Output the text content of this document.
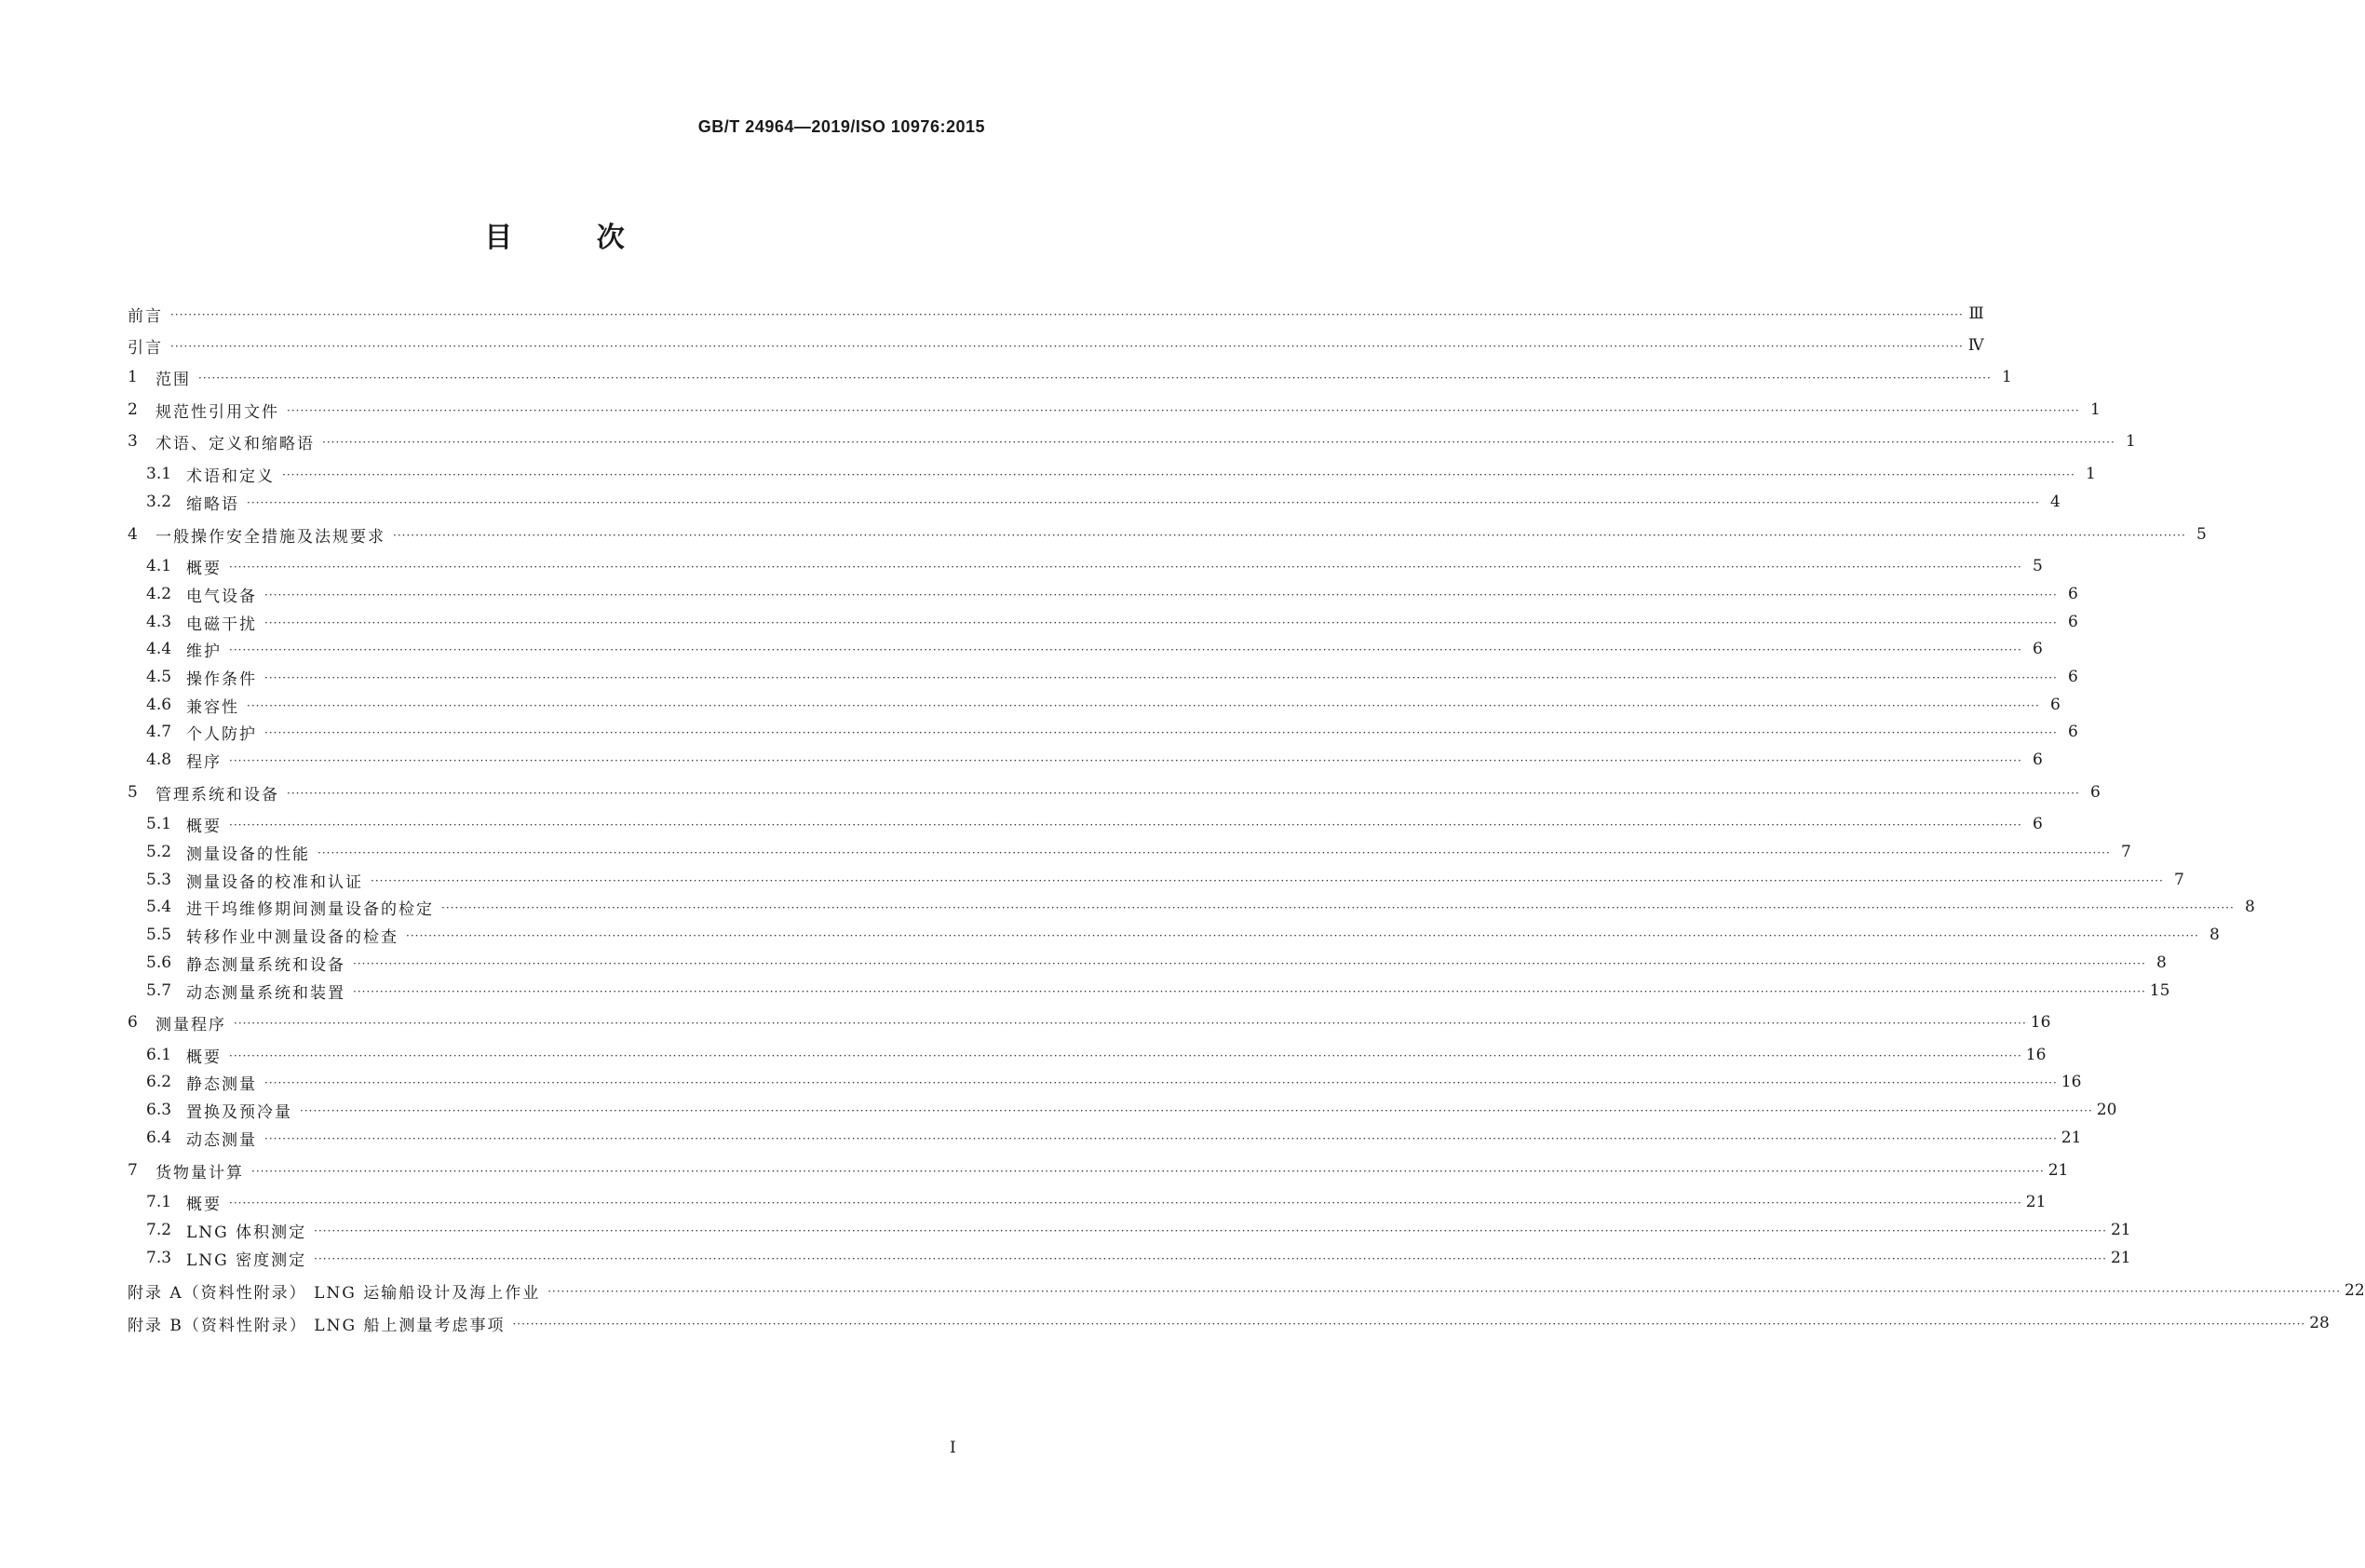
GB/T 24964—2019/ISO 10976:2015
目 次
前言 ················································································································································································································································································································································································································ Ⅲ
引言 ················································································································································································································································································································································································································ Ⅳ
1	范围 ················································································································································································································································································································································································································ 1
2	规范性引用文件 ················································································································································································································································································································································································································ 1
3	术语、定义和缩略语 ················································································································································································································································································································································································································ 1
3.1 术语和定义 ················································································································································································································································································································································································································ 1
3.2 缩略语 ················································································································································································································································································································································································································ 4
4	一般操作安全措施及法规要求 ················································································································································································································································································································································································································ 5
4.1 概要 ················································································································································································································································································································································································································ 5
4.2 电气设备 ················································································································································································································································································································································································································ 6
4.3 电磁干扰 ················································································································································································································································································································································································································ 6
4.4 维护 ················································································································································································································································································································································································································ 6
4.5 操作条件 ················································································································································································································································································································································································································ 6
4.6 兼容性 ················································································································································································································································································································································································································ 6
4.7 个人防护 ················································································································································································································································································································································································································ 6
4.8 程序 ················································································································································································································································································································································································································ 6
5	管理系统和设备 ················································································································································································································································································································································································································ 6
5.1 概要 ················································································································································································································································································································································································································ 6
5.2 测量设备的性能 ················································································································································································································································································································································································································ 7
5.3 测量设备的校准和认证 ················································································································································································································································································································································································································ 7
5.4 进干坞维修期间测量设备的检定 ················································································································································································································································································································································································································ 8
5.5 转移作业中测量设备的检查 ················································································································································································································································································································································································································ 8
5.6 静态测量系统和设备 ················································································································································································································································································································································································································ 8
5.7 动态测量系统和装置 ················································································································································································································································································································································································································ 15
6	测量程序 ················································································································································································································································································································································································································ 16
6.1 概要 ················································································································································································································································································································································································································ 16
6.2 静态测量 ················································································································································································································································································································································································································ 16
6.3 置换及预冷量 ················································································································································································································································································································································································································ 20
6.4 动态测量 ················································································································································································································································································································································································································ 21
7	货物量计算 ················································································································································································································································································································································································································ 21
7.1 概要 ················································································································································································································································································································································································································ 21
7.2 LNG 体积测定 ················································································································································································································································································································································································································ 21
7.3 LNG 密度测定 ················································································································································································································································································································································································································ 21
附录 A（资料性附录） LNG 运输船设计及海上作业 ················································································································································································································································································································································································································ 22
附录 B（资料性附录） LNG 船上测量考虑事项 ················································································································································································································································································································································································································ 28
I
